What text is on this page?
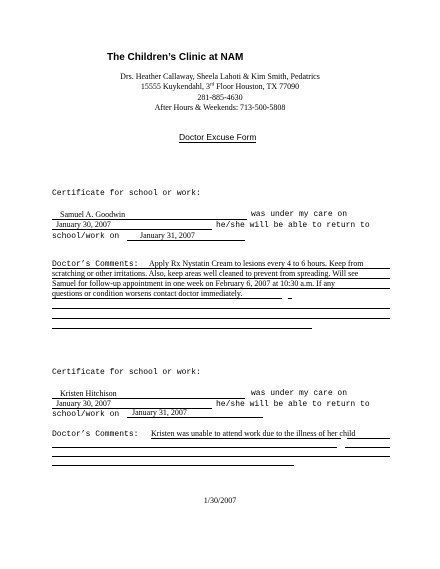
The Children’s Clinic at NAM
Drs. Heather Callaway, Sheela Lahoti & Kim Smith, Pedatrics
15555 Kuykendahl, 3rd Floor Houston, TX 77090
281-885-4630
After Hours & Weekends: 713-500-5808
Doctor Excuse Form
Certificate for school or work:
Samuel A. Goodwin	was under my care on
January 30, 2007	he/she will be able to return to
school/work on	January 31, 2007
Doctor’s Comments: Apply Rx Nystatin Cream to lesions every 4 to 6 hours. Keep from
scratching or other irritations. Also, keep areas well cleaned to prevent from spreading. Will see
Samuel for follow-up appointment in one week on February 6, 2007 at 10:30 a.m. If any
questions or condition worsens contact doctor immediately.
Certificate for school or work:
Kristen Hitchison	was under my care on
January 30, 2007	he/she will be able to return to
school/work on January 31, 2007
Doctor’s Comments: Kristen was unable to attend work due to the illness of her child
1/30/2007
